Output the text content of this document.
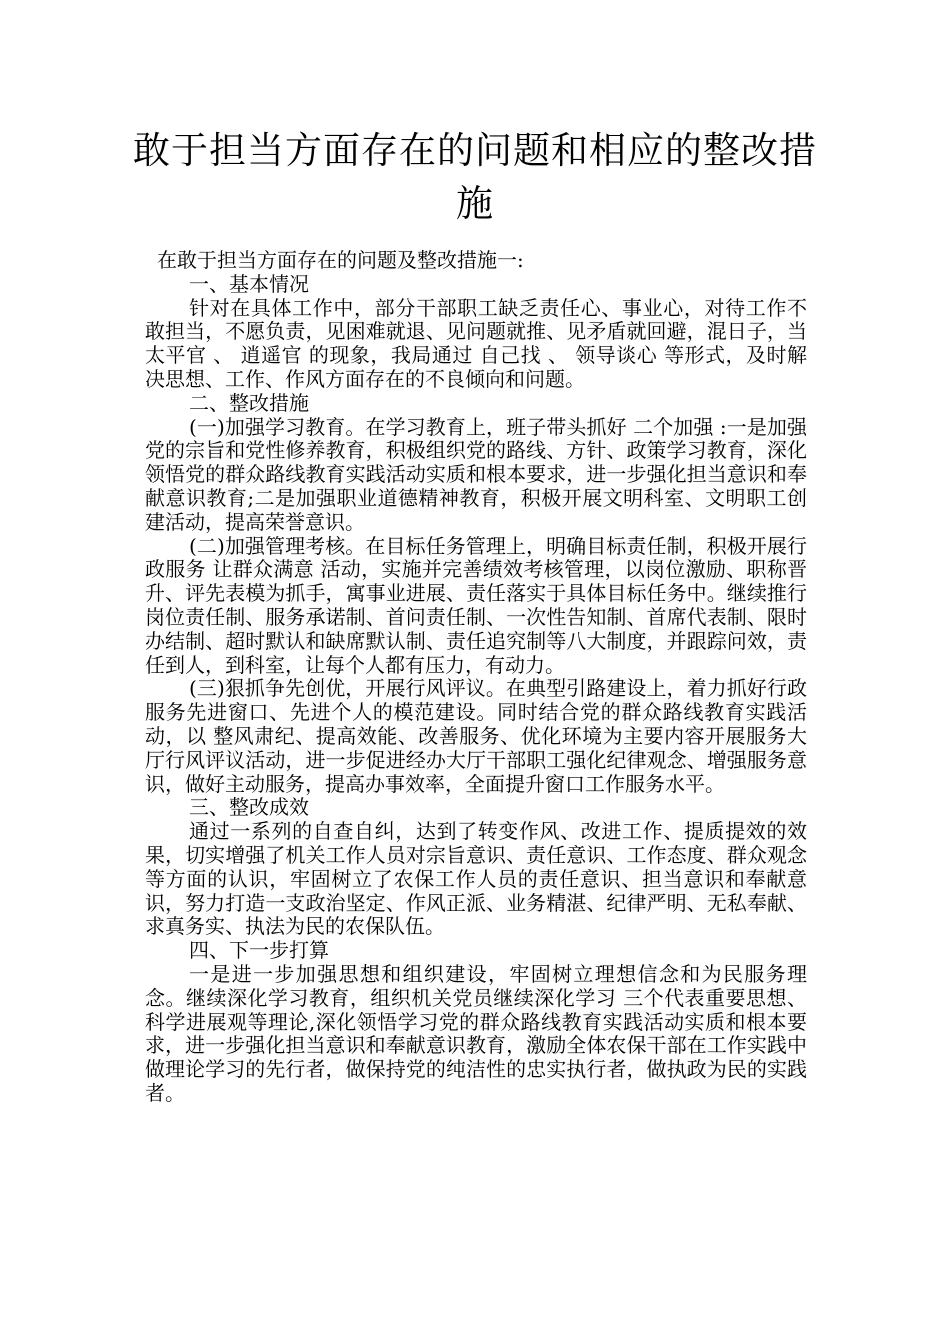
敢于担当方面存在的问题和相应的整改措施

在敢于担当方面存在的问题及整改措施一:

一、基本情况

针对在具体工作中，部分干部职工缺乏责任心、事业心，对待工作不敢担当，不愿负责，见困难就退、见问题就推、见矛盾就回避，混日子，当 太平官 、 逍遥官 的现象，我局通过 自己找 、 领导谈心 等形式，及时解决思想、工作、作风方面存在的不良倾向和问题。

二、整改措施

(一)加强学习教育。在学习教育上，班子带头抓好 二个加强 :一是加强党的宗旨和党性修养教育，积极组织党的路线、方针、政策学习教育，深化领悟党的群众路线教育实践活动实质和根本要求，进一步强化担当意识和奉献意识教育;二是加强职业道德精神教育，积极开展文明科室、文明职工创建活动，提高荣誉意识。

(二)加强管理考核。在目标任务管理上，明确目标责任制，积极开展行政服务 让群众满意 活动，实施并完善绩效考核管理，以岗位激励、职称晋升、评先表模为抓手，寓事业进展、责任落实于具体目标任务中。继续推行岗位责任制、服务承诺制、首问责任制、一次性告知制、首席代表制、限时办结制、超时默认和缺席默认制、责任追究制等八大制度，并跟踪问效，责任到人，到科室，让每个人都有压力，有动力。

(三)狠抓争先创优，开展行风评议。在典型引路建设上，着力抓好行政服务先进窗口、先进个人的模范建设。同时结合党的群众路线教育实践活动，以 整风肃纪、提高效能、改善服务、优化环境为主要内容开展服务大厅行风评议活动，进一步促进经办大厅干部职工强化纪律观念、增强服务意识，做好主动服务，提高办事效率，全面提升窗口工作服务水平。

三、整改成效

通过一系列的自查自纠，达到了转变作风、改进工作、提质提效的效果，切实增强了机关工作人员对宗旨意识、责任意识、工作态度、群众观念等方面的认识，牢固树立了农保工作人员的责任意识、担当意识和奉献意识，努力打造一支政治坚定、作风正派、业务精湛、纪律严明、无私奉献、求真务实、执法为民的农保队伍。

四、下一步打算

一是进一步加强思想和组织建设，牢固树立理想信念和为民服务理念。继续深化学习教育，组织机关党员继续深化学习 三个代表重要思想、科学进展观等理论,深化领悟学习党的群众路线教育实践活动实质和根本要求，进一步强化担当意识和奉献意识教育，激励全体农保干部在工作实践中做理论学习的先行者，做保持党的纯洁性的忠实执行者，做执政为民的实践者。
